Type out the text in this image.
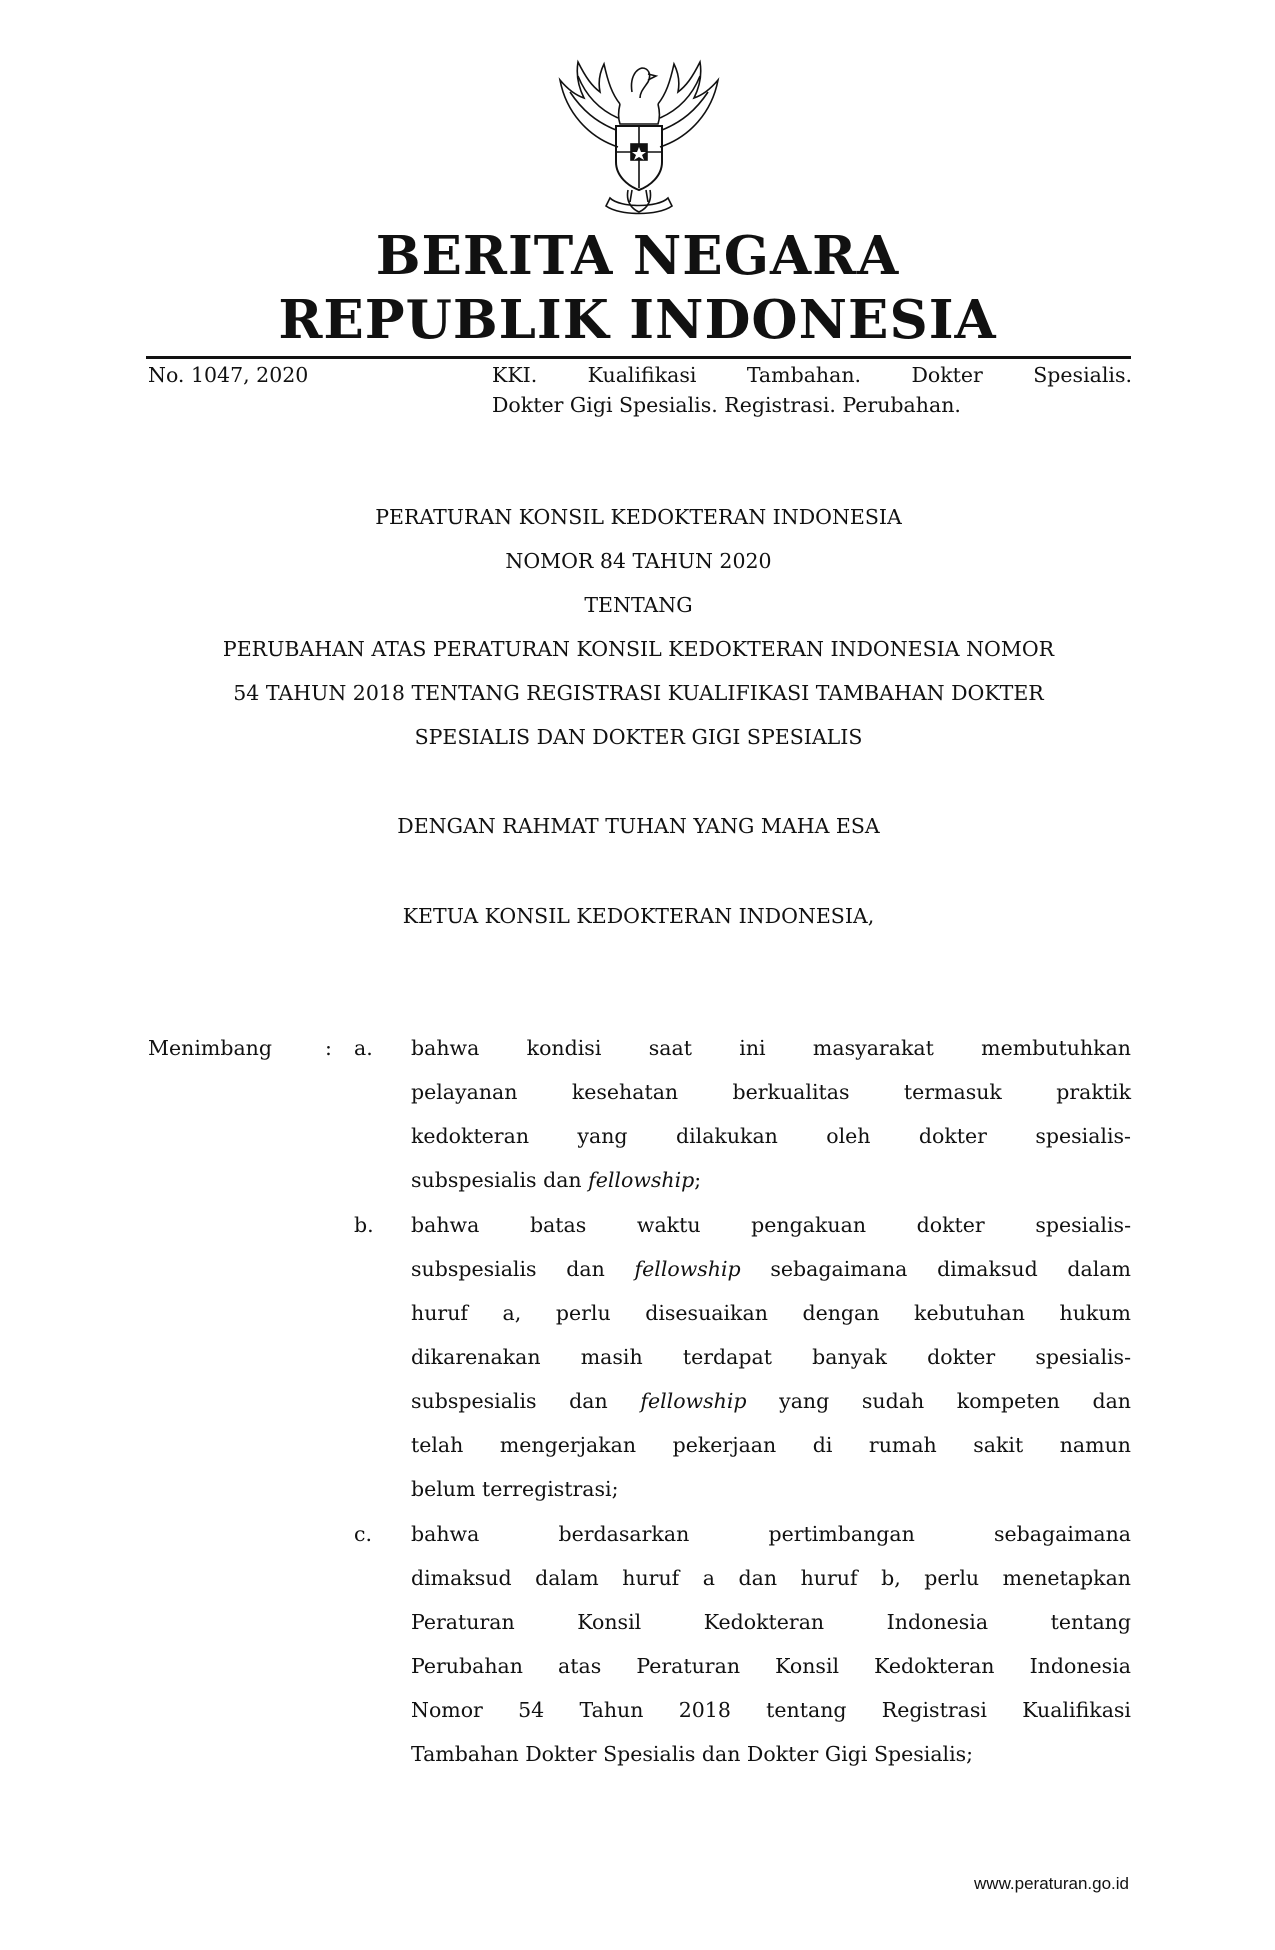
BERITA NEGARA
REPUBLIK INDONESIA
No. 1047, 2020	KKI. Kualifikasi Tambahan. Dokter Spesialis.
Dokter Gigi Spesialis. Registrasi. Perubahan.
PERATURAN KONSIL KEDOKTERAN INDONESIA
NOMOR 84 TAHUN 2020
TENTANG
PERUBAHAN ATAS PERATURAN KONSIL KEDOKTERAN INDONESIA NOMOR
54 TAHUN 2018 TENTANG REGISTRASI KUALIFIKASI TAMBAHAN DOKTER
SPESIALIS DAN DOKTER GIGI SPESIALIS
DENGAN RAHMAT TUHAN YANG MAHA ESA
KETUA KONSIL KEDOKTERAN INDONESIA,
Menimbang	: a. bahwa kondisi saat ini masyarakat membutuhkan
pelayanan kesehatan berkualitas termasuk praktik
kedokteran yang dilakukan oleh dokter spesialis-
subspesialis dan fellowship;
b. bahwa batas waktu pengakuan dokter spesialis-
subspesialis dan fellowship sebagaimana dimaksud dalam
huruf a, perlu disesuaikan dengan kebutuhan hukum
dikarenakan masih terdapat banyak dokter spesialis-
subspesialis dan fellowship yang sudah kompeten dan
telah mengerjakan pekerjaan di rumah sakit namun
belum terregistrasi;
c. bahwa berdasarkan pertimbangan sebagaimana
dimaksud dalam huruf a dan huruf b, perlu menetapkan
Peraturan Konsil Kedokteran Indonesia tentang
Perubahan atas Peraturan Konsil Kedokteran Indonesia
Nomor 54 Tahun 2018 tentang Registrasi Kualifikasi
Tambahan Dokter Spesialis dan Dokter Gigi Spesialis;
www.peraturan.go.id
